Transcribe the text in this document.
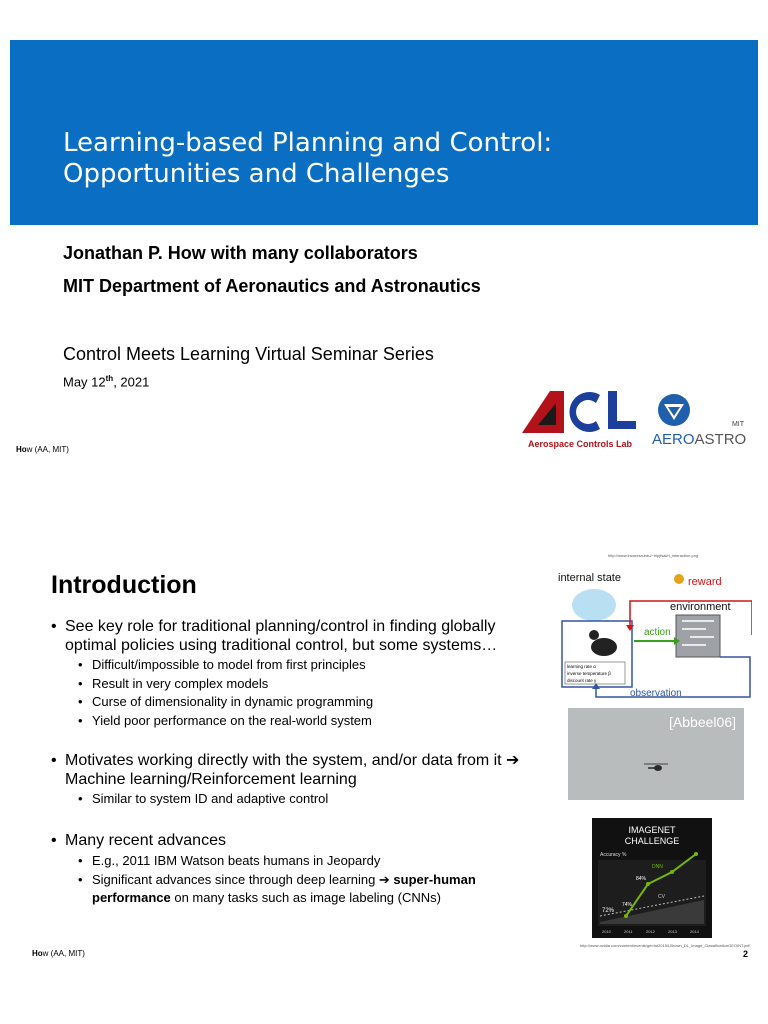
Learning-based Planning and Control:
Opportunities and Challenges
Jonathan P. How with many collaborators
MIT Department of Aeronautics and Astronautics
Control Meets Learning Virtual Seminar Series
May 12th, 2021
Aerospace Controls Lab
MIT
AEROASTRO
How (AA, MIT)
http://www.incaresa.edu/~hipjfsal/rl_interaction.png
Introduction
• See key role for traditional planning/control in finding globally optimal policies using traditional control, but some systems…
• Difficult/impossible to model from first principles
• Result in very complex models
• Curse of dimensionality in dynamic programming
• Yield poor performance on the real-world system
• Motivates working directly with the system, and/or data from it ➔ Machine learning/Reinforcement learning
• Similar to system ID and adaptive control
• Many recent advances
• E.g., 2011 IBM Watson beats humans in Jeopardy
• Significant advances since through deep learning ➔ super-human performance on many tasks such as image labeling (CNNs)
internal state	reward
environment
learning rate α
inverse temperature β
discount rate γ
action
observation
[Abbeel06]
IMAGENET
CHALLENGE
Accuracy %
DNN
CV
72%
74%
84%
2010	2011	2012	2013	2014
http://www.nvidia.com/content/events/geoInt2015/LBrown_DL_Image_ClassificationGEOINT.pdf
How (AA, MIT)	2
